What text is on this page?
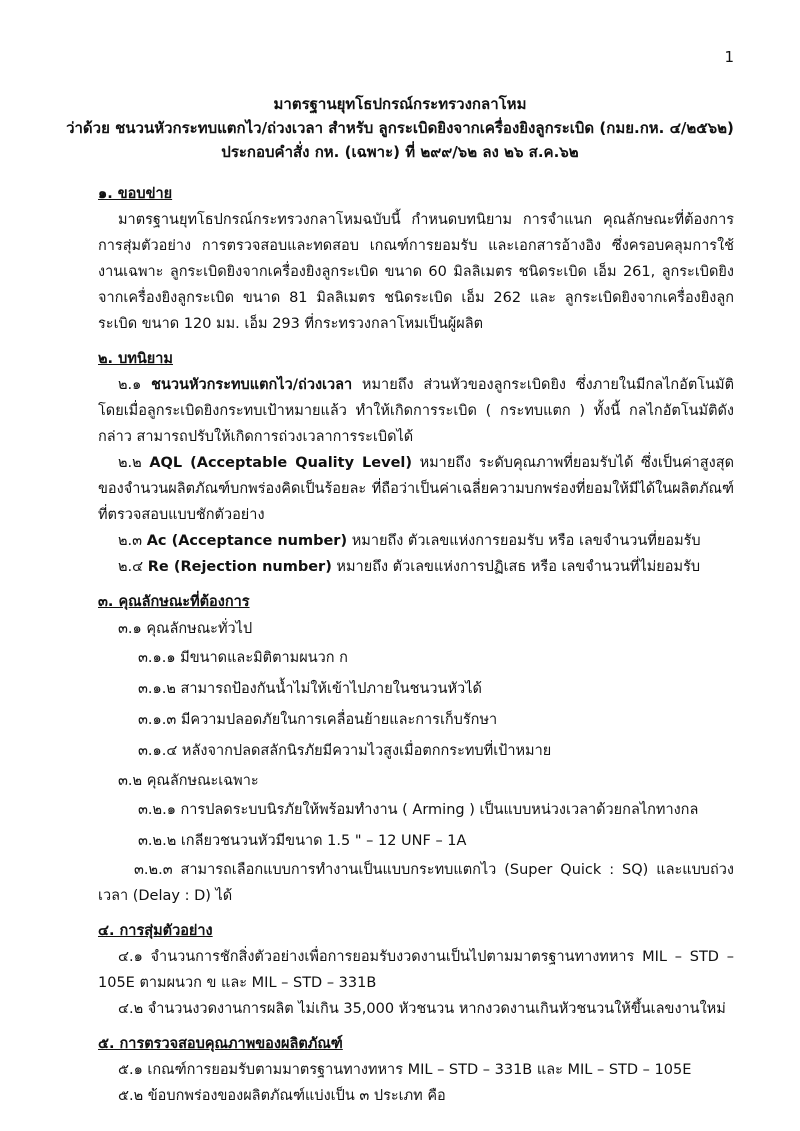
1
มาตรฐานยุทโธปกรณ์กระทรวงกลาโหม
ว่าด้วย ชนวนหัวกระทบแตกไว/ถ่วงเวลา สำหรับ ลูกระเบิดยิงจากเครื่องยิงลูกระเบิด (กมย.กห. ๔/๒๕๖๒)
ประกอบคำสั่ง กห. (เฉพาะ) ที่ ๒๙๙/๖๒ ลง ๒๖ ส.ค.๖๒
๑. ขอบข่าย

มาตรฐานยุทโธปกรณ์กระทรวงกลาโหมฉบับนี้ กำหนดบทนิยาม การจำแนก คุณลักษณะที่ต้องการ การสุ่มตัวอย่าง การตรวจสอบและทดสอบ เกณฑ์การยอมรับ และเอกสารอ้างอิง ซึ่งครอบคลุมการใช้งานเฉพาะ ลูกระเบิดยิงจากเครื่องยิงลูกระเบิด ขนาด 60 มิลลิเมตร ชนิดระเบิด เอ็ม 261, ลูกระเบิดยิงจากเครื่องยิงลูกระเบิด ขนาด 81 มิลลิเมตร ชนิดระเบิด เอ็ม 262 และ ลูกระเบิดยิงจากเครื่องยิงลูกระเบิด ขนาด 120 มม. เอ็ม 293 ที่กระทรวงกลาโหมเป็นผู้ผลิต

๒. บทนิยาม

๒.๑ ชนวนหัวกระทบแตกไว/ถ่วงเวลา หมายถึง ส่วนหัวของลูกระเบิดยิง ซึ่งภายในมีกลไกอัตโนมัติ โดยเมื่อลูกระเบิดยิงกระทบเป้าหมายแล้ว ทำให้เกิดการระเบิด ( กระทบแตก ) ทั้งนี้ กลไกอัตโนมัติดังกล่าว สามารถปรับให้เกิดการถ่วงเวลาการระเบิดได้

๒.๒ AQL (Acceptable Quality Level) หมายถึง ระดับคุณภาพที่ยอมรับได้ ซึ่งเป็นค่าสูงสุดของจำนวนผลิตภัณฑ์บกพร่องคิดเป็นร้อยละ ที่ถือว่าเป็นค่าเฉลี่ยความบกพร่องที่ยอมให้มีได้ในผลิตภัณฑ์ที่ตรวจสอบแบบชักตัวอย่าง

๒.๓ Ac (Acceptance number) หมายถึง ตัวเลขแห่งการยอมรับ หรือ เลขจำนวนที่ยอมรับ

๒.๔ Re (Rejection number) หมายถึง ตัวเลขแห่งการปฏิเสธ หรือ เลขจำนวนที่ไม่ยอมรับ

๓. คุณลักษณะที่ต้องการ
๓.๑ คุณลักษณะทั่วไป
๓.๑.๑ มีขนาดและมิติตามผนวก ก
๓.๑.๒ สามารถป้องกันน้ำไม่ให้เข้าไปภายในชนวนหัวได้
๓.๑.๓ มีความปลอดภัยในการเคลื่อนย้ายและการเก็บรักษา
๓.๑.๔ หลังจากปลดสลักนิรภัยมีความไวสูงเมื่อตกกระทบที่เป้าหมาย
๓.๒ คุณลักษณะเฉพาะ
๓.๒.๑ การปลดระบบนิรภัยให้พร้อมทำงาน ( Arming ) เป็นแบบหน่วงเวลาด้วยกลไกทางกล
๓.๒.๒ เกลียวชนวนหัวมีขนาด 1.5 " – 12 UNF – 1A

๓.๒.๓ สามารถเลือกแบบการทำงานเป็นแบบกระทบแตกไว (Super Quick : SQ) และแบบถ่วงเวลา (Delay : D) ได้

๔. การสุ่มตัวอย่าง

๔.๑ จำนวนการชักสิ่งตัวอย่างเพื่อการยอมรับงวดงานเป็นไปตามมาตรฐานทางทหาร MIL – STD – 105E ตามผนวก ข และ MIL – STD – 331B

๔.๒ จำนวนงวดงานการผลิต ไม่เกิน 35,000 หัวชนวน หากงวดงานเกินหัวชนวนให้ขึ้นเลขงานใหม่

๕. การตรวจสอบคุณภาพของผลิตภัณฑ์

๕.๑ เกณฑ์การยอมรับตามมาตรฐานทางทหาร MIL – STD – 331B และ MIL – STD – 105E

๕.๒ ข้อบกพร่องของผลิตภัณฑ์แบ่งเป็น ๓ ประเภท คือ
